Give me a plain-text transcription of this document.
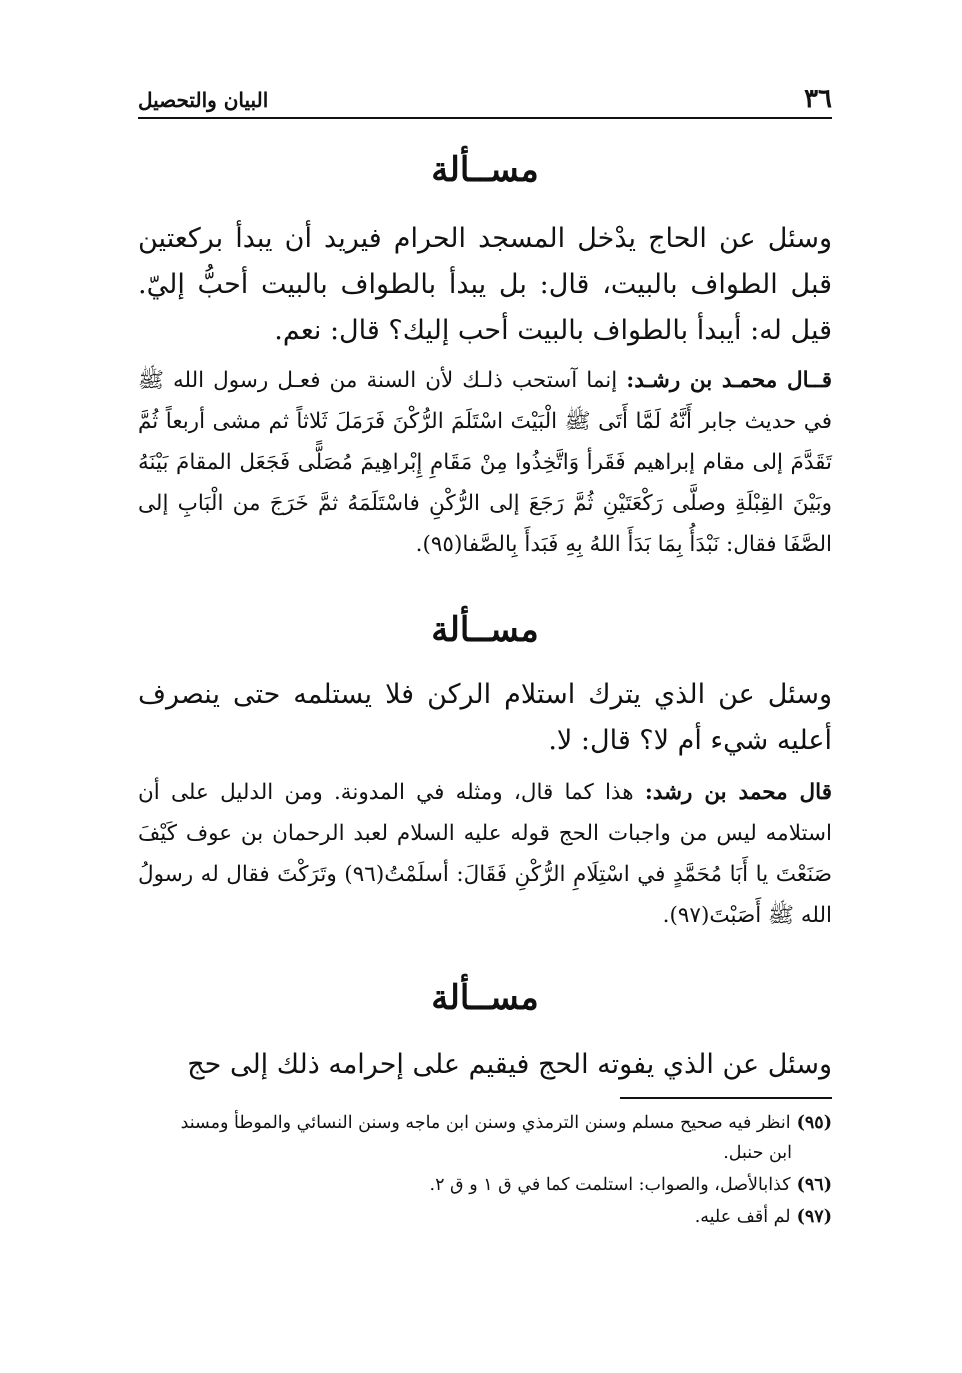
٣٦
البيان والتحصيل
مســألة
وسئل عن الحاج يدْخل المسجد الحرام فيريد أن يبدأ بركعتين قبل الطواف بالبيت، قال: بل يبدأ بالطواف بالبيت أحبُّ إليّ. قيل له: أيبدأ بالطواف بالبيت أحب إليك؟ قال: نعم.
قــال محمـد بن رشـد: إنما آستحب ذلـك لأن السنة من فعـل رسول الله ﷺ في حديث جابر أَنَّهُ لَمَّا أَتَى ﷺ الْبَيْتَ اسْتَلَمَ الرُّكْنَ فَرَمَلَ ثَلاثاً ثم مشى أربعاً ثُمَّ تَقَدَّمَ إلى مقام إبراهيم فَقَرأ وَاتَّخِذُوا مِنْ مَقَامِ إِبْراهِيمَ مُصَلًّى فَجَعَل المقامَ بَيْنَهُ وبَيْنَ القِبْلَةِ وصلَّى رَكْعَتَيْنِ ثُمَّ رَجَعَ إلى الرُّكْنِ فاسْتَلَمَهُ ثمَّ خَرَجَ من الْبَابِ إلى الصَّفَا فقال: نَبْدَأُ بِمَا بَدَأَ اللهُ بِهِ فَبَدأَ بِالصَّفا(٩٥).
مســألة
وسئل عن الذي يترك استلام الركن فلا يستلمه حتى ينصرف أعليه شيء أم لا؟ قال: لا.
قال محمد بن رشد: هذا كما قال، ومثله في المدونة. ومن الدليل على أن استلامه ليس من واجبات الحج قوله عليه السلام لعبد الرحمان بن عوف كَيْفَ صَنَعْتَ يا أَبَا مُحَمَّدٍ في اسْتِلَامِ الرُّكْنِ فَقَالَ: أسلَمْتُ(٩٦) وتَرَكْتَ فقال له رسولُ الله ﷺ أَصَبْتَ(٩٧).
مســألة
وسئل عن الذي يفوته الحج فيقيم على إحرامه ذلك إلى حج
(٩٥)انظر فيه صحيح مسلم وسنن الترمذي وسنن ابن ماجه وسنن النسائي والموطأ ومسند
ابن حنبل.
(٩٦)كذابالأصل، والصواب: استلمت كما في ق ١ و ق ٢.
(٩٧)لم أقف عليه.
